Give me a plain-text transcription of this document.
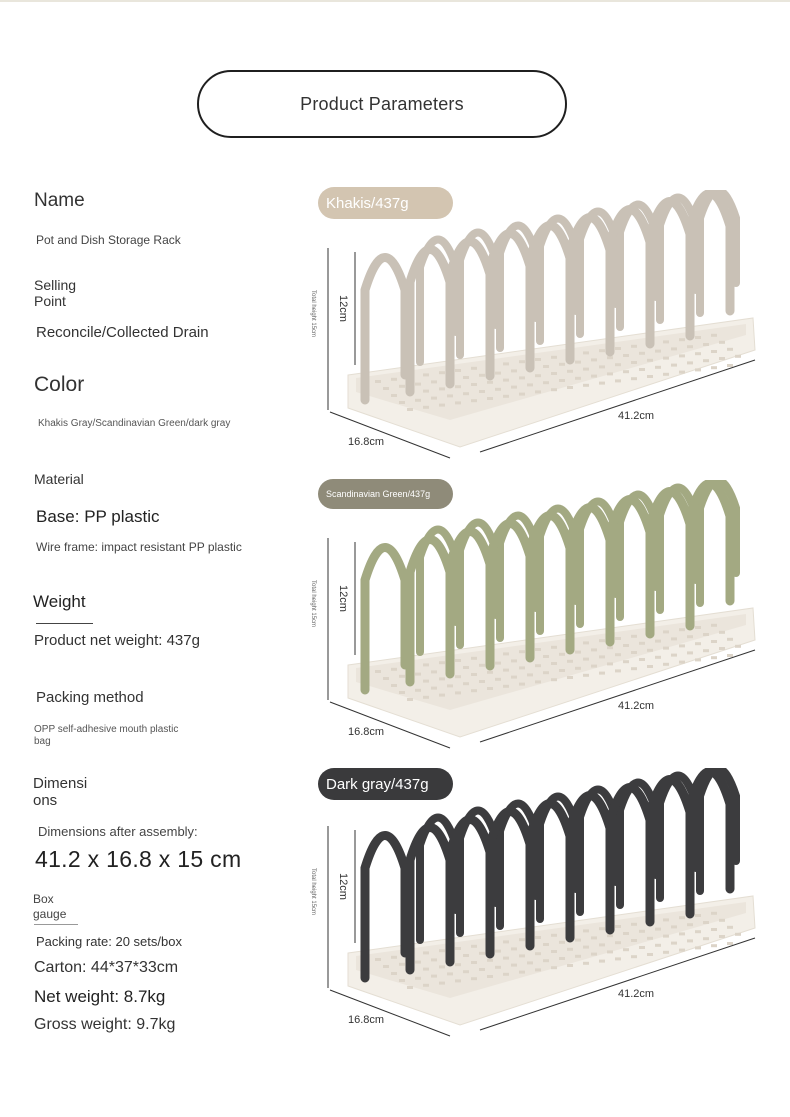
Product Parameters
Name
Pot and Dish Storage Rack
Selling
Point
Reconcile/Collected Drain
Color
Khakis Gray/Scandinavian Green/dark gray
Material
Base: PP plastic
Wire frame: impact resistant PP plastic
Weight
Product net weight: 437g
Packing method
OPP self-adhesive mouth plastic
bag
Dimensi
ons
Dimensions after assembly:
41.2 x 16.8 x 15 cm
Box
gauge
Packing rate: 20 sets/box
Carton: 44*37*33cm
Net weight: 8.7kg
Gross weight: 9.7kg
Khakis/437g
Scandinavian Green/437g
Dark gray/437g
Total height 15cm 12cm
16.8cm
41.2cm
Total height 15cm 12cm
16.8cm
41.2cm
Total height 15cm 12cm
16.8cm
41.2cm
